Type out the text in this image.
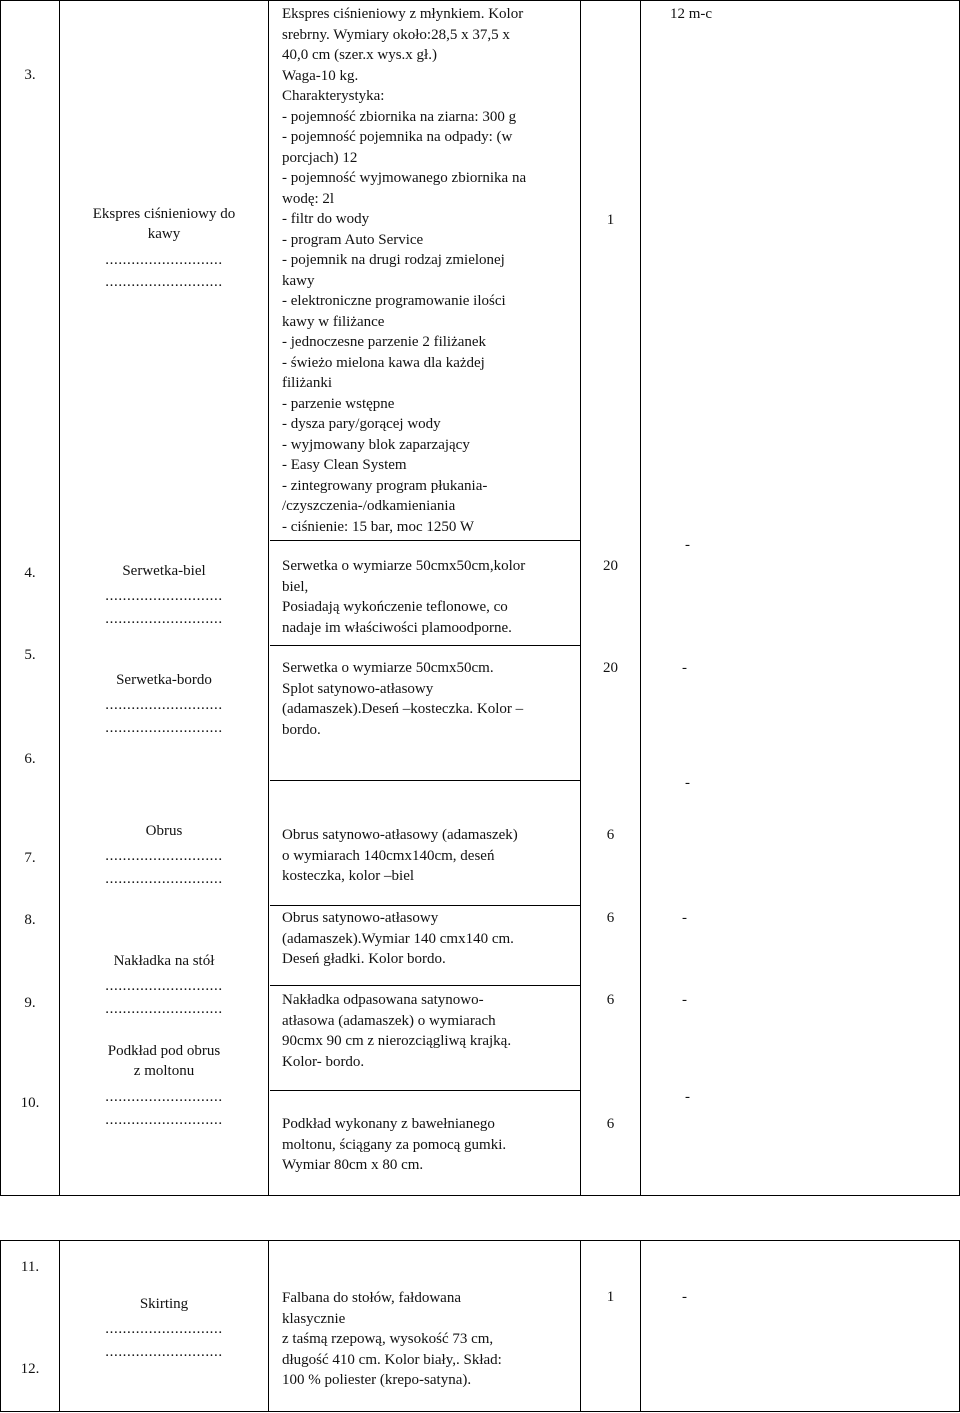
3.
4.
5.
6.
7.
8.
9.
10.
11.
12.
Ekspres ciśnieniowy do
kawy
...........................
...........................
Serwetka-biel
...........................
...........................
Serwetka-bordo
...........................
...........................
Obrus
...........................
...........................
Nakładka na stół
...........................
...........................
Podkład pod obrus
z moltonu
...........................
...........................
Skirting
...........................
...........................
Ekspres ciśnieniowy z młynkiem. Kolor
srebrny. Wymiary około:28,5 x 37,5 x
40,0 cm (szer.x wys.x gł.)
Waga-10 kg.
Charakterystyka:
- pojemność zbiornika na ziarna: 300 g
- pojemność pojemnika na odpady: (w
porcjach) 12
- pojemność wyjmowanego zbiornika na
wodę: 2l
- filtr do wody
- program Auto Service
- pojemnik na drugi rodzaj zmielonej
kawy
- elektroniczne programowanie ilości
kawy w filiżance
- jednoczesne parzenie 2 filiżanek
- świeżo mielona kawa dla każdej
filiżanki
- parzenie wstępne
- dysza pary/gorącej wody
- wyjmowany blok zaparzający
- Easy Clean System
- zintegrowany program płukania-
/czyszczenia-/odkamieniania
- ciśnienie: 15 bar, moc 1250 W
Serwetka o wymiarze 50cmx50cm,kolor
biel,
Posiadają wykończenie teflonowe, co
nadaje im właściwości plamoodporne.
Serwetka o wymiarze 50cmx50cm.
Splot satynowo-atłasowy
(adamaszek).Deseń –kosteczka. Kolor –
bordo.
Obrus satynowo-atłasowy (adamaszek)
o wymiarach 140cmx140cm, deseń
kosteczka, kolor –biel
Obrus satynowo-atłasowy
(adamaszek).Wymiar 140 cmx140 cm.
Deseń gładki. Kolor bordo.
Nakładka odpasowana satynowo-
atłasowa (adamaszek) o wymiarach
90cmx 90 cm z nierozciągliwą krajką.
Kolor- bordo.
Podkład wykonany z bawełnianego
moltonu, ściągany za pomocą gumki.
Wymiar 80cm x 80 cm.
Falbana do stołów, fałdowana
klasycznie
z taśmą rzepową, wysokość 73 cm,
długość 410 cm. Kolor biały,. Skład:
100 % poliester (krepo-satyna).
1
20
20
6
6
6
6
1
12 m-c
-
-
-
-
-
-
-
